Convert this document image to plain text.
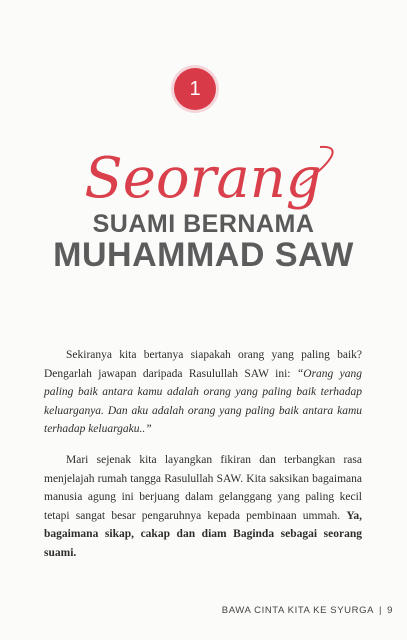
1
Seorang
SUAMI BERNAMA
MUHAMMAD SAW

Sekiranya kita bertanya siapakah orang yang paling baik? Dengarlah jawapan daripada Rasulullah SAW ini: “Orang yang paling baik antara kamu adalah orang yang paling baik terhadap keluarganya. Dan aku adalah orang yang paling baik antara kamu terhadap keluargaku..”

Mari sejenak kita layangkan fikiran dan terbangkan rasa menjelajah rumah tangga Rasulullah SAW. Kita saksikan bagaimana manusia agung ini berjuang dalam gelanggang yang paling kecil tetapi sangat besar pengaruhnya kepada pembinaan ummah. Ya, bagaimana sikap, cakap dan diam Baginda sebagai seorang suami.

BAWA CINTA KITA KE SYURGA | 9
